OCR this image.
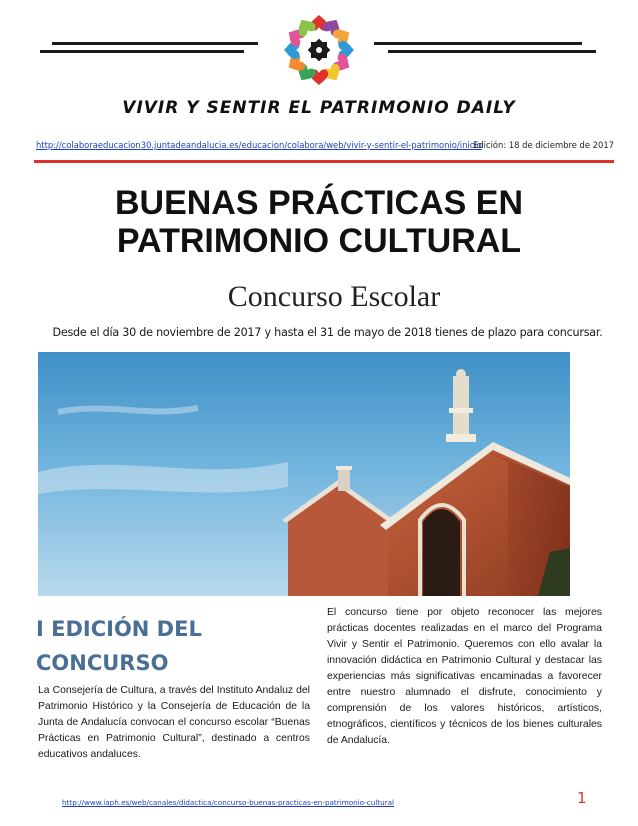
VIVIR Y SENTIR EL PATRIMONIO DAILY
http://colaboraeducacion30.juntadeandalucia.es/educacion/colabora/web/vivir-y-sentir-el-patrimonio/inicio
Edición: 18 de diciembre de 2017
BUENAS PRÁCTICAS EN
PATRIMONIO CULTURAL
Concurso Escolar
Desde el día 30 de noviembre de 2017 y hasta el 31 de mayo de 2018 tienes de plazo para concursar.
I EDICIÓN DEL
CONCURSO
La Consejería de Cultura, a través del Instituto Andaluz del Patrimonio Histórico y la Consejería de Educación de la Junta de Andalucía convocan el concurso escolar “Buenas Prácticas en Patrimonio Cultural”, destinado a centros educativos andaluces.
El concurso tiene por objeto reconocer las mejores prácticas docentes realizadas en el marco del Programa Vivir y Sentir el Patrimonio. Queremos con ello avalar la innovación didáctica en Patrimonio Cultural y destacar las experiencias más significativas encaminadas a favorecer entre nuestro alumnado el disfrute, conocimiento y comprensión de los valores históricos, artísticos, etnográficos, científicos y técnicos de los bienes culturales de Andalucía.
http://www.iaph.es/web/canales/didactica/concurso-buenas-practicas-en-patrimonio-cultural	1
